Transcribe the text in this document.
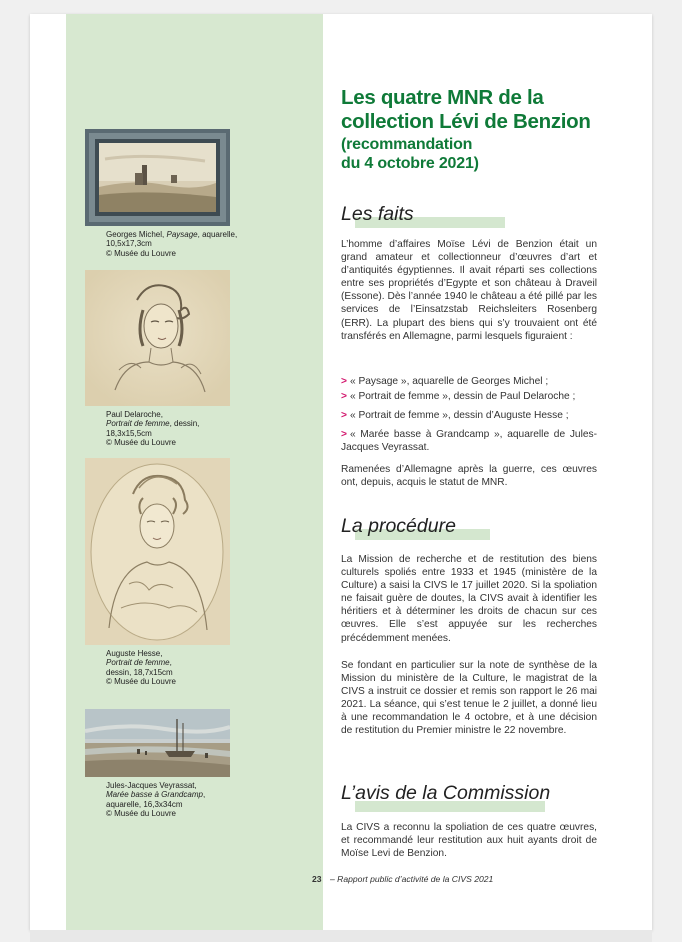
Georges Michel, Paysage, aquarelle,
10,5x17,3cm
© Musée du Louvre
Paul Delaroche,
Portrait de femme, dessin,
18,3x15,5cm
© Musée du Louvre
Auguste Hesse,
Portrait de femme,
dessin, 18,7x15cm
© Musée du Louvre
Jules-Jacques Veyrassat,
Marée basse à Grandcamp,
aquarelle, 16,3x34cm
© Musée du Louvre
Les quatre MNR de la collection Lévi de Benzion
(recommandation
du 4 octobre 2021)
Les faits

L’homme d’affaires Moïse Lévi de Benzion était un grand amateur et collectionneur d’œuvres d’art et d’antiquités égyptiennes. Il avait réparti ses collections entre ses propriétés d’Egypte et son château à Draveil (Essone). Dès l’année 1940 le château a été pillé par les services de l’Einsatzstab Reichsleiters Rosenberg (ERR). La plupart des biens qui s’y trouvaient ont été transférés en Allemagne, parmi lesquels figuraient :

> « Paysage », aquarelle de Georges Michel ;
> « Portrait de femme », dessin de Paul Delaroche ;
> « Portrait de femme », dessin d’Auguste Hesse ;
> « Marée basse à Grandcamp », aquarelle de Jules-Jacques Veyrassat.

Ramenées d’Allemagne après la guerre, ces œuvres ont, depuis, acquis le statut de MNR.

La procédure

La Mission de recherche et de restitution des biens culturels spoliés entre 1933 et 1945 (ministère de la Culture) a saisi la CIVS le 17 juillet 2020. Si la spoliation ne faisait guère de doutes, la CIVS avait à identifier les héritiers et à déterminer les droits de chacun sur ces œuvres. Elle s’est appuyée sur les recherches précédemment menées.

Se fondant en particulier sur la note de synthèse de la Mission du ministère de la Culture, le magistrat de la CIVS a instruit ce dossier et remis son rapport le 26 mai 2021. La séance, qui s’est tenue le 2 juillet, a donné lieu à une recommandation le 4 octobre, et à une décision de restitution du Premier ministre le 22 novembre.

L’avis de la Commission

La CIVS a reconnu la spoliation de ces quatre œuvres, et recommandé leur restitution aux huit ayants droit de Moïse Levi de Benzion.

23 – Rapport public d’activité de la CIVS 2021
